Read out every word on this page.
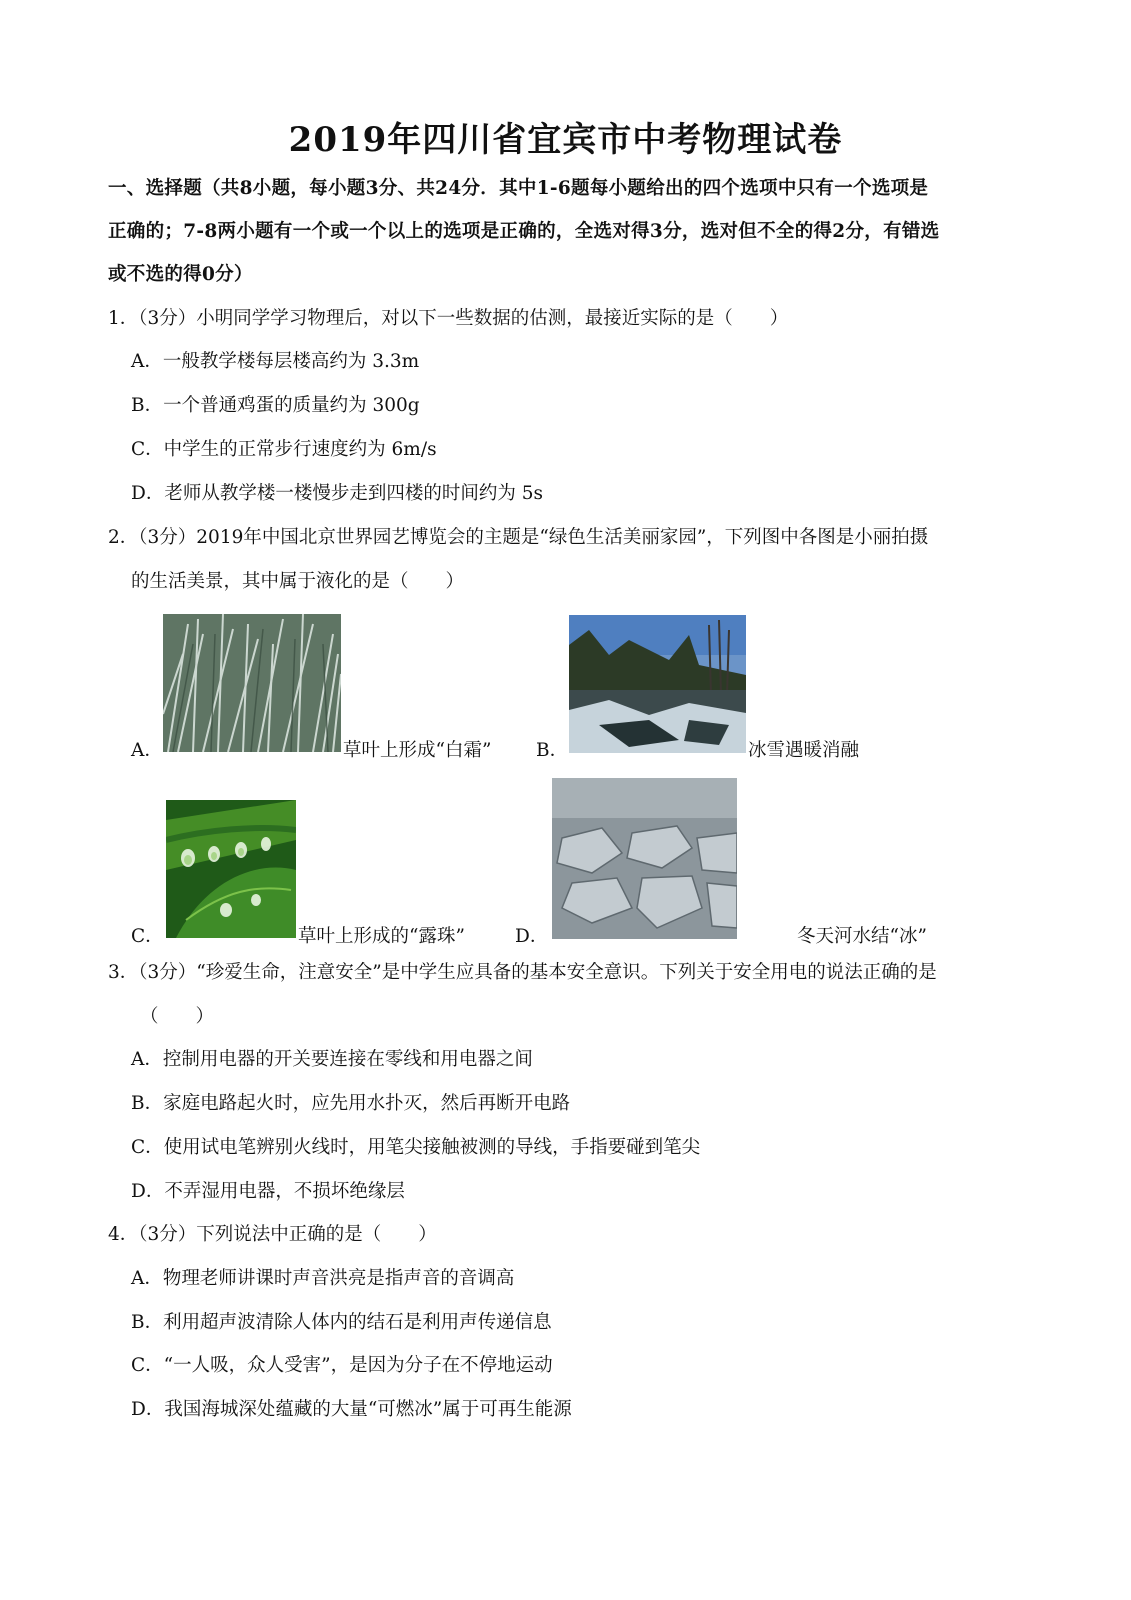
2019年四川省宜宾市中考物理试卷
一、选择题（共8小题，每小题3分、共24分．其中1-6题每小题给出的四个选项中只有一个选项是
正确的；7-8两小题有一个或一个以上的选项是正确的，全选对得3分，选对但不全的得2分，有错选
或不选的得0分）
1．（3分）小明同学学习物理后，对以下一些数据的估测，最接近实际的是（　　）
A．一般教学楼每层楼高约为 3.3m
B．一个普通鸡蛋的质量约为 300g
C．中学生的正常步行速度约为 6m/s
D．老师从教学楼一楼慢步走到四楼的时间约为 5s
2．（3分）2019年中国北京世界园艺博览会的主题是“绿色生活美丽家园”，下列图中各图是小丽拍摄
的生活美景，其中属于液化的是（　　）
A．	草叶上形成“白霜” B．	冰雪遇暖消融
C．	草叶上形成的“露珠”	D．	冬天河水结“冰”
3．（3分）“珍爱生命，注意安全”是中学生应具备的基本安全意识。下列关于安全用电的说法正确的是
（　　）
A．控制用电器的开关要连接在零线和用电器之间
B．家庭电路起火时，应先用水扑灭，然后再断开电路
C．使用试电笔辨别火线时，用笔尖接触被测的导线，手指要碰到笔尖
D．不弄湿用电器，不损坏绝缘层
4．（3分）下列说法中正确的是（　　）
A．物理老师讲课时声音洪亮是指声音的音调高
B．利用超声波清除人体内的结石是利用声传递信息
C．“一人吸，众人受害”，是因为分子在不停地运动
D．我国海城深处蕴藏的大量“可燃冰”属于可再生能源
